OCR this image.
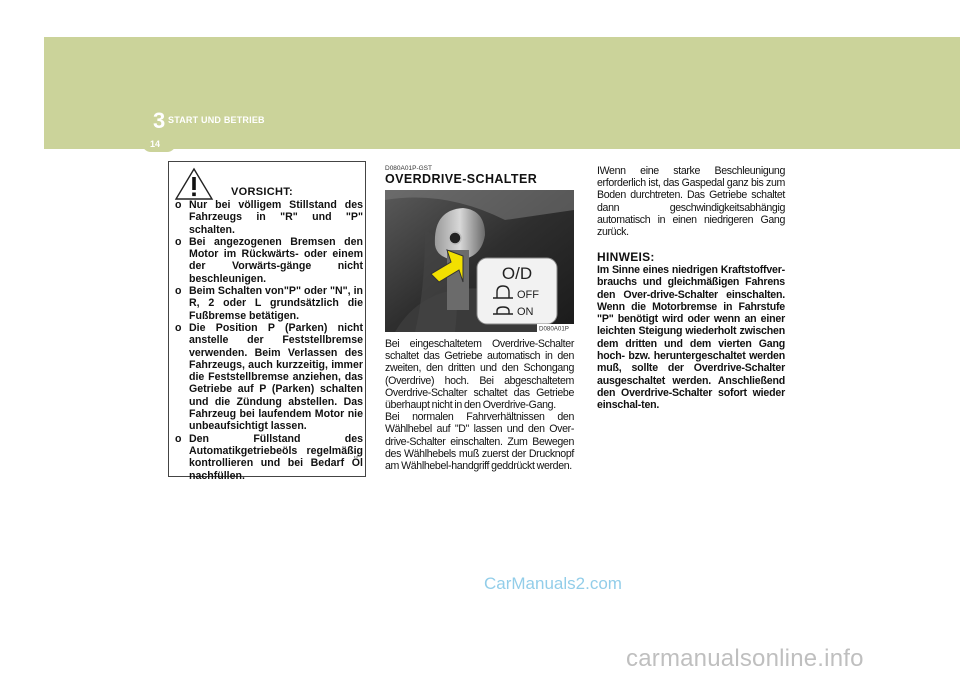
3 START UND BETRIEB
14
VORSICHT:
o Nur bei völligem Stillstand des Fahrzeugs in "R" und "P" schalten.
o Bei angezogenen Bremsen den Motor im Rückwärts- oder einem der Vorwärts-gänge nicht beschleunigen.
o Beim Schalten von"P" oder "N", in R, 2 oder L grundsätzlich die Fußbremse betätigen.
o Die Position P (Parken) nicht anstelle der Feststellbremse verwenden. Beim Verlassen des Fahrzeugs, auch kurzzeitig, immer die Feststellbremse anziehen, das Getriebe auf P (Parken) schalten und die Zündung abstellen. Das Fahrzeug bei laufendem Motor nie unbeaufsichtigt lassen.
o Den Füllstand des Automatikgetriebeöls regelmäßig kontrollieren und bei Bedarf Öl nachfüllen.
D080A01P-GST
OVERDRIVE-SCHALTER
O/D
OFF
ON
D080A01P

Bei eingeschaltetem Overdrive-Schalter schaltet das Getriebe automatisch in den zweiten, den dritten und den Schongang (Overdrive) hoch. Bei abgeschaltetem Overdrive-Schalter schaltet das Getriebe überhaupt nicht in den Overdrive-Gang.

Bei normalen Fahrverhältnissen den Wählhebel auf "D" lassen und den Over-drive-Schalter einschalten. Zum Bewegen des Wählhebels muß zuerst der Drucknopf am Wählhebel-handgriff geddrückt werden.

IWenn eine starke Beschleunigung erforderlich ist, das Gaspedal ganz bis zum Boden durchtreten. Das Getriebe schaltet dann geschwindigkeitsabhängig automatisch in einen niedrigeren Gang zurück.

HINWEIS:

Im Sinne eines niedrigen Kraftstoffver-brauchs und gleichmäßigen Fahrens den Over-drive-Schalter einschalten. Wenn die Motorbremse in Fahrstufe "P" benötigt wird oder wenn an einer leichten Steigung wiederholt zwischen dem dritten und dem vierten Gang hoch- bzw. heruntergeschaltet werden muß, sollte der Overdrive-Schalter ausgeschaltet werden. Anschließend den Overdrive-Schalter sofort wieder einschal-ten.

CarManuals2.com
carmanualsonline.info
